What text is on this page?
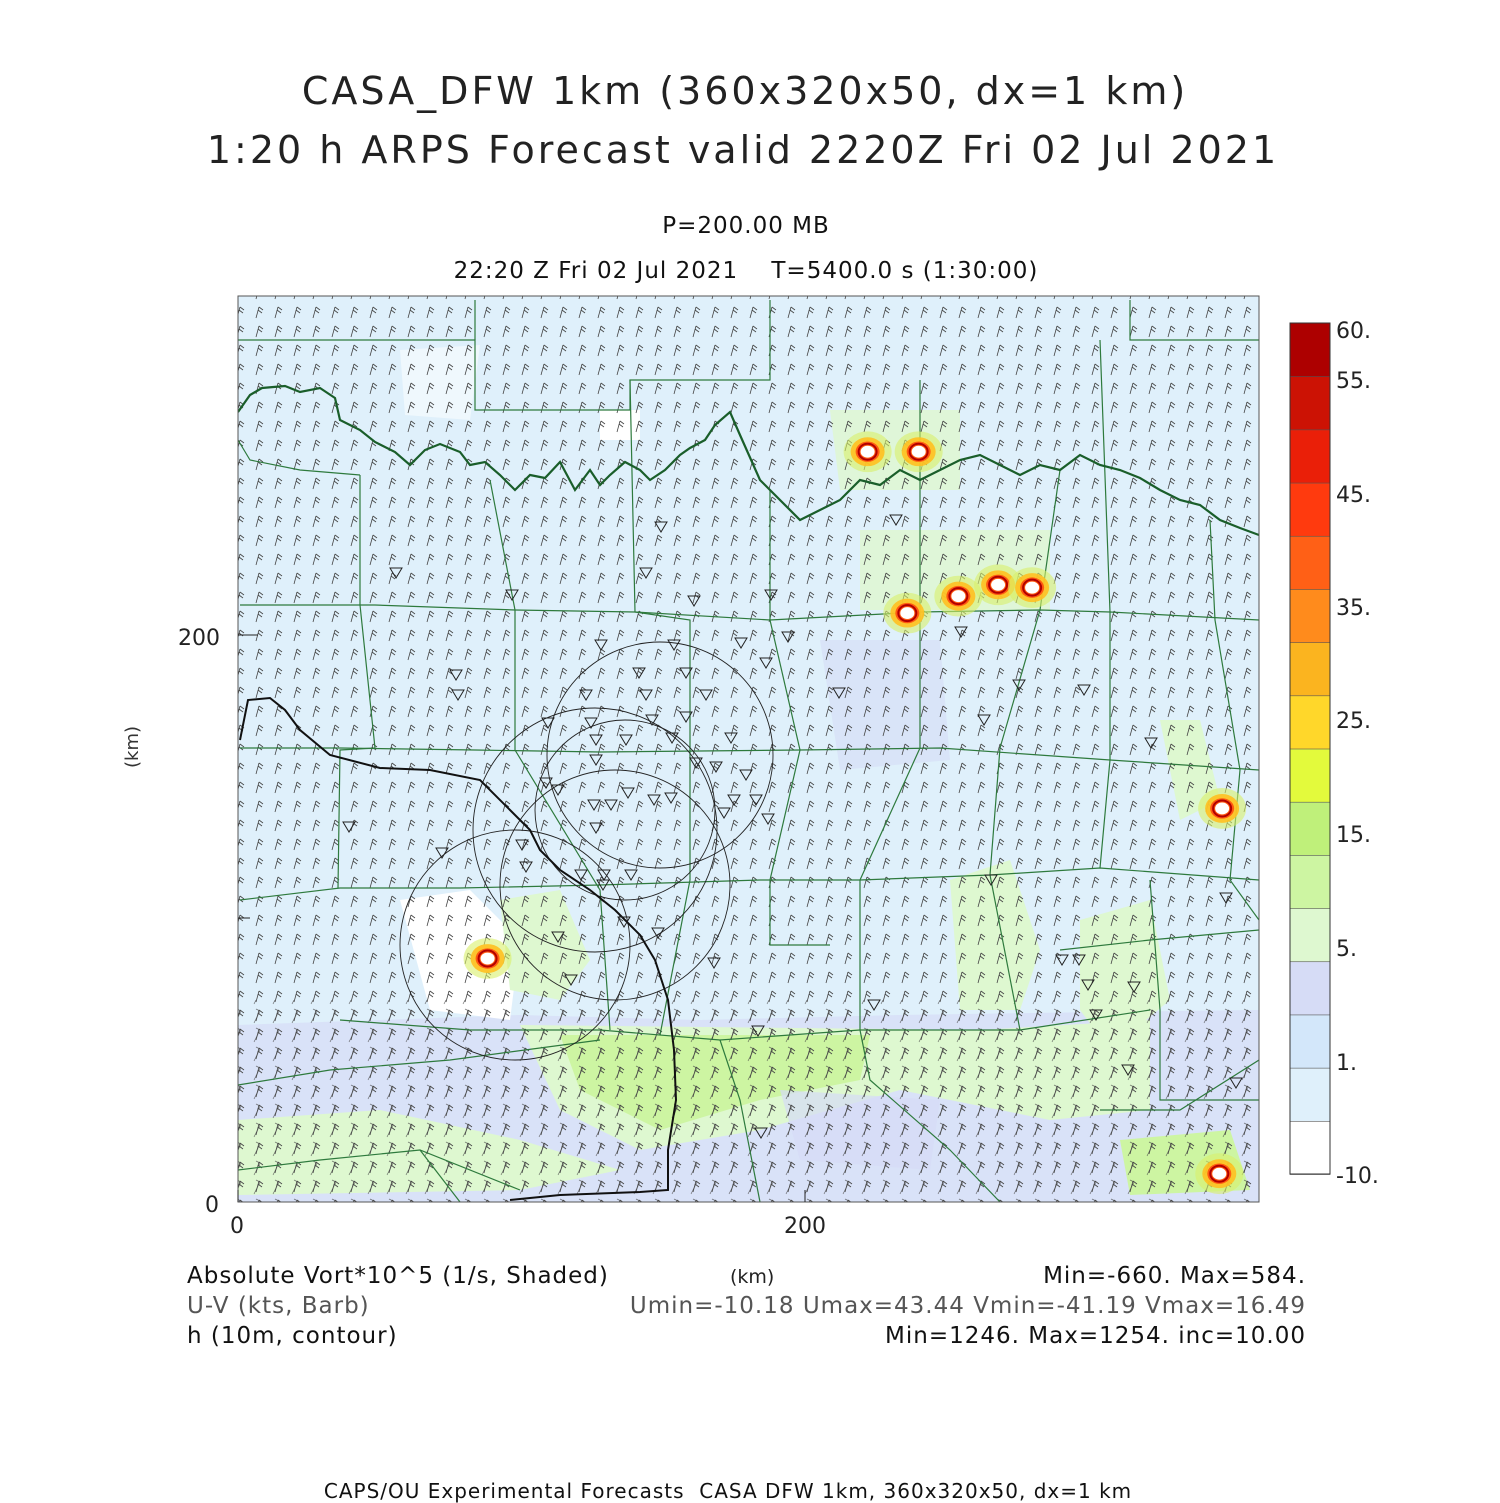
CASA_DFW 1km (360x320x50, dx=1 km)
1:20 h ARPS Forecast valid 2220Z Fri 02 Jul 2021
P=200.00 MB
22:20 Z Fri 02 Jul 2021    T=5400.0 s (1:30:00)
200
0
0	200
(km)
60.
55.
45.
35.
25.
15.
5.
1.
-10.
Absolute Vort*10^5 (1/s, Shaded)	(km)	Min=-660. Max=584.
U-V (kts, Barb)	Umin=-10.18 Umax=43.44 Vmin=-41.19 Vmax=16.49
h (10m, contour)	Min=1246. Max=1254. inc=10.00
CAPS/OU Experimental Forecasts  CASA DFW 1km, 360x320x50, dx=1 km
